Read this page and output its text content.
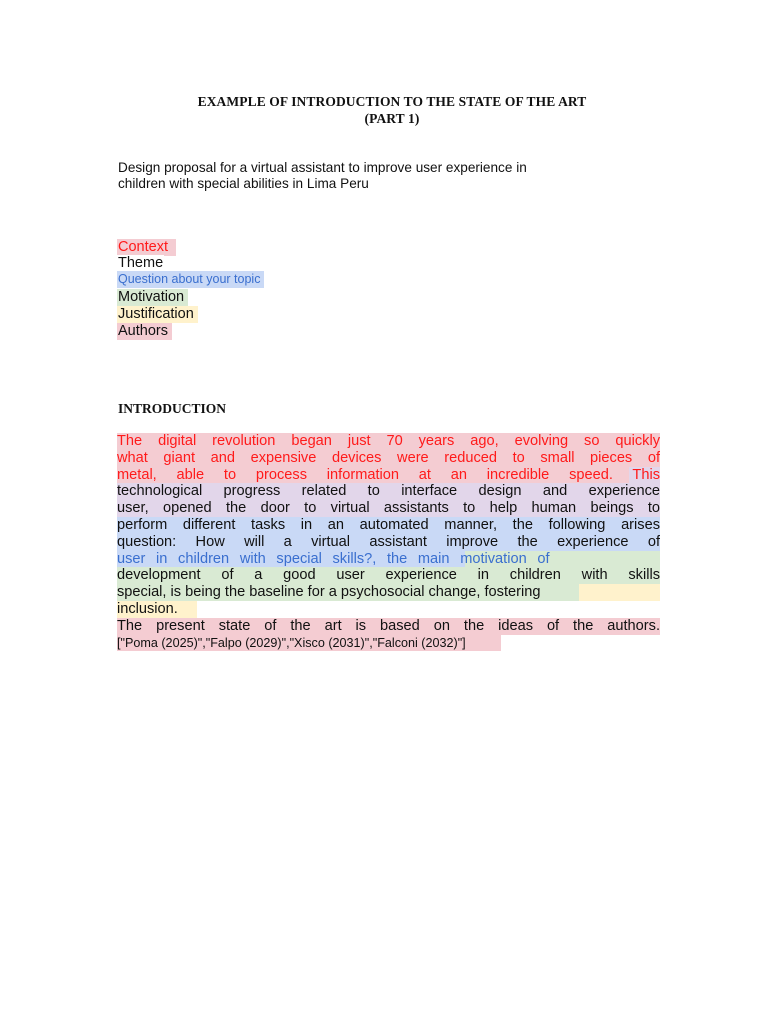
EXAMPLE OF INTRODUCTION TO THE STATE OF THE ART
(PART 1)
Design proposal for a virtual assistant to improve user experience in
children with special abilities in Lima Peru
Context
Theme
Question about your topic
Motivation
Justification
Authors
INTRODUCTION
The digital revolution began just 70 years ago, evolving so quickly
what giant and expensive devices were reduced to small pieces of
metal, able to process information at an incredible speed. This
technological progress related to interface design and experience
user, opened the door to virtual assistants to help human beings to
perform different tasks in an automated manner, the following arises
question: How will a virtual assistant improve the experience of
user in children with special skills?, the main motivation of
development of a good user experience in children with skills
special, is being the baseline for a psychosocial change, fostering
inclusion.
The present state of the art is based on the ideas of the authors.
["Poma (2025)","Falpo (2029)","Xisco (2031)","Falconi (2032)"]
